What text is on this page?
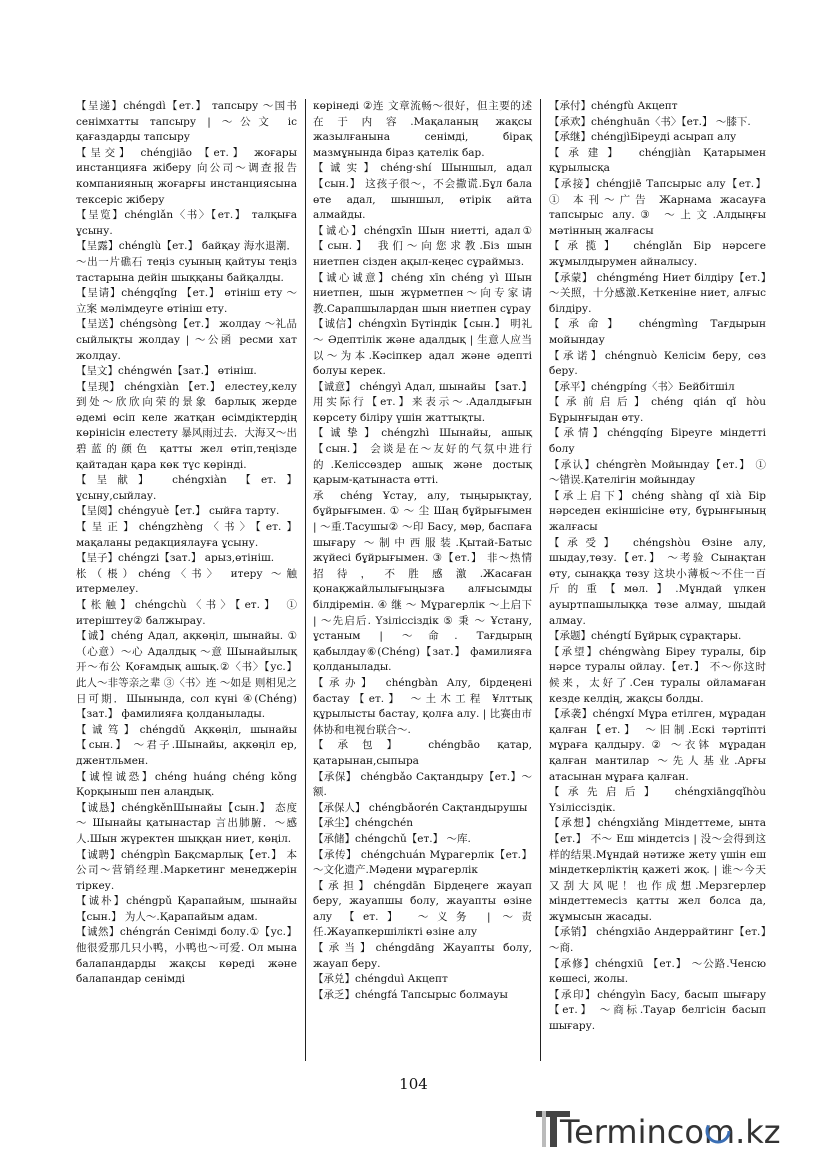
【呈递】chéngdì【ет.】 тапсыру ～国书 сенімхатты тапсыру | ～公文 іс қағаздарды тапсыру

【呈交】 chéngjiāo 【ет.】 жоғары инстанцияға жіберу 向公司～调查报告 компанияның жоғарғы инстанциясына тексеріс жіберу

【呈览】chénglǎn〈书〉【ет.】 талқыға ұсыну.

【呈露】chénglù【ет.】 байқау 海水退潮．～出一片礁石 теңіз суының қайтуы теңіз тастарына дейін шыққаны байқалды.

【呈请】chéngqǐng 【ет.】 өтініш ету ～立案 мәлімдеуге өтініш ету.

【呈送】chéngsòng【ет.】 жолдау ～礼品 сыйлықты жолдау | ～公函 ресми хат жолдау.

【呈文】chéngwén【зат.】 өтініш.

【呈现】 chéngxiàn 【ет.】 елестеу,келу 到处～欣欣向荣的景象 барлық жерде әдемі өсіп келе жатқан өсімдіктердің көрінісін елестету 暴风雨过去．大海又～出碧蓝的颜色 қатты жел өтіп,теңізде қайтадан қара көк түс көрінді.

【呈献】 chéngxiàn 【ет.】 ұсыну,сыйлау.

【呈阅】chéngyuè【ет.】 сыйға тарту.

【呈正】chéngzhèng〈书〉【ет.】 мақаланы редакциялауға ұсыну.

【呈子】chéngzi【зат.】 арыз,өтініш.

枨（棖）chéng〈书〉 итеру ～触 итермелеу.

【枨触】chéngchù〈书〉【ет.】 ① итеріштеу② балжырау.

【诚】chéng Адал, ақкөңіл, шынайы. ①（心意）～心 Адалдық ～意 Шынайылық 开～布公 Қоғамдық ашық.②〈书〉【ус.】 此人～非等亲之辈 ③〈书〉连 ～如是 则相见之日可期．Шынында, сол күні ④(Chéng)【зат.】 фамилияға қолданылады.

【诚笃】chéngdǔ Ақкөңіл, шынайы【сын.】 ～君子.Шынайы, ақкөңіл ер, джентльмен.

【诚惶诚恐】chéng huáng chéng kǒng Қорқыныш пен алаңдық.

【诚恳】chéngkěnШынайы【сын.】 态度～ Шынайы қатынастар 言出肺腑．～感人.Шын жүректен шыққан ниет, көңіл.

【诚聘】chéngpìn Бақсмарлық【ет.】 本公司～营销经理.Маркетинг менеджерін тіркеу.

【诚朴】chéngpǔ Қарапайым, шынайы【сын.】 为人～.Қарапайым адам.

【诚然】chéngrán Сенімді болу.①【ус.】 他很爱那几只小鸭，小鸭也～可爱. Ол мына балапандарды жақсы көреді және балапандар сенімді

көрінеді ②连 文章流畅～很好，但主要的述在于内容.Мақаланың жақсы жазылғанына сенімді, бірақ мазмұнында біраз қателік бар.

【诚实】chéng·shí Шыншыл, адал【сын.】 这孩子很～，不会撒谎.Бұл бала өте адал, шыншыл, өтірік айта алмайды.

【诚心】chéngxīn Шын ниетті, адал①【сын.】 我们～向您求教.Біз шын ниетпен сізден ақыл-кеңес сұраймыз.

【诚心诚意】chéng xīn chéng yì Шын ниетпен, шын жүрметпен～向专家请教.Сарапшылардан шын ниетпен сұрау

【诚信】chéngxìn Бүтіндік【сын.】 明礼～ Әдептілік және адалдық | 生意人应当以～为本.Кәсіпкер адал және әдепті болуы керек.

【诚意】 chéngyì Адал, шынайы 【зат.】 用实际行【ет.】来表示～.Адалдығын көрсету біліру үшін жаттықты.

【诚挚】chéngzhì Шынайы, ашық【сын.】 会谈是在～友好的气氛中进行的.Келіссөздер ашық және достық қарым-қатынаста өтті.

承 chéng Ұстау, алу, тыңырықтау, бұйрығымен. ① ～ 尘 Шаң бұйрығымен | ～重.Тасушы② ～印 Басу, мөр, баспаға шығару ～制中西服装.Қытай-Батыс жүйесі бұйрығымен. ③【ет.】 非～热情招待，不胜感激.Жасаған қонақжайлылығыңызға алғысымды білдіремін. ④ 继 ～ Мұрагерлік ～上启下 | ～先启后. Үзіліссіздік ⑤ 秉 ～ Ұстану, ұстаным | ～命. Тағдырың қабылдау⑥(Chéng)【зат.】 фамилияға қолданылады.

【承办】 chéngbàn Алу, бірдеңені бастау【ет.】 ～土木工程 ¥лттық құрылысты бастау, қолға алу. | 比赛由市体协和电视台联合～.

【承包】 chéngbāo қатар, қатарынан,сыпыра

【承保】 chéngbǎo Сақтандыру【ет.】～额.

【承保人】 chéngbǎorén Сақтандырушы

【承尘】chéngchén

【承储】chéngchǔ【ет.】 ～库.

【承传】 chéngchuán Мұрагерлік【ет.】 ～文化遗产.Мәдени мұрагерлік

【承担】chéngdān Бірдеңеге жауап беру, жауапшы болу, жауапты өзіне алу 【ет.】 ～义务 | ～责任.Жауапкершілікті өзіне алу

【承当】chéngdāng Жауапты болу, жауап беру.

【承兑】chéngduì Акцепт

【承乏】chéngfá Тапсырыс болмауы

【承付】chéngfù Акцепт

【承欢】chénghuān〈书〉【ет.】 ～膝下.

【承继】chéngjìБіреуді асырап алу

【承建】 chéngjiàn Қатарымен құрылысқа

【承接】chéngjiē Тапсырыс алу【ет.】 ① 本刊～广告 Жарнама жасауға тапсырыс алу.③ ～上文.Алдыңғы мәтінның жалғасы

【承揽】 chénglǎn Бір нәрсеге жұмылдырумен айналысу.

【承蒙】 chéngméng Ниет білдіру【ет.】～关照，十分感激.Кеткеніне ниет, алғыс білдіру.

【承命】 chéngmìng Тағдырын мойындау

【承诺】chéngnuò Келісім беру, сөз беру.

【承平】chéngpíng〈书〉Бейбітшіл

【承前启后】chéng qián qǐ hòu Бұрынғыдан өту.

【承情】chéngqíng Біреуге міндетті болу

【承认】chéngrèn Мойындау【ет.】 ① ～错误.Қателігін мойындау

【承上启下】chéng shàng qǐ xià Бір нәрседен екіншісіне өту, бұрынғының жалғасы

【承受】 chéngshòu Өзіне алу, шыдау,төзу.【ет.】 ～考验 Сынақтан өту, сынаққа төзу 这块小薄板～不住一百斤的重【мөл.】.Мұндай үлкен ауыртпашылыққа төзе алмау, шыдай алмау.

【承题】chéngtí Бұйрық сұрақтары.

【承望】chéngwàng Біреу туралы, бір нәрсе туралы ойлау.【ет.】 不～你这时候来，太好了.Сен туралы ойламаған кезде келдің, жақсы болды.

【承袭】chéngxí Мұра етілген, мұрадан қалған【ет.】 ～旧制.Ескі тәртіпті мұраға қалдыру. ② ～衣钵 мұрадан қалған мантилар ～先人基业.Арғы атасынан мұраға қалған.

【承先启后】 chéngxiāngqǐhòu Үзіліссіздік.

【承想】chéngxiǎng Міндеттеме, ынта【ет.】 不～ Еш міндетсіз | 没～会得到这样的结果.Мұндай нәтиже жету үшін еш міндеткерліктің қажеті жоқ. | 谁～今天又刮大风呢！也作成想.Мерзгерлер міндеттемесіз қатты жел болса да, жұмысын жасады.

【承销】 chéngxiāo Андеррайтинг【ет.】～商.

【承修】chéngxiū 【ет.】 ～公路.Ченсю көшесі, жолы.

【承印】chéngyìn Басу, басып шығару【ет.】 ～商标.Тауар белгісін басып шығару.

104
Termincom.kz
